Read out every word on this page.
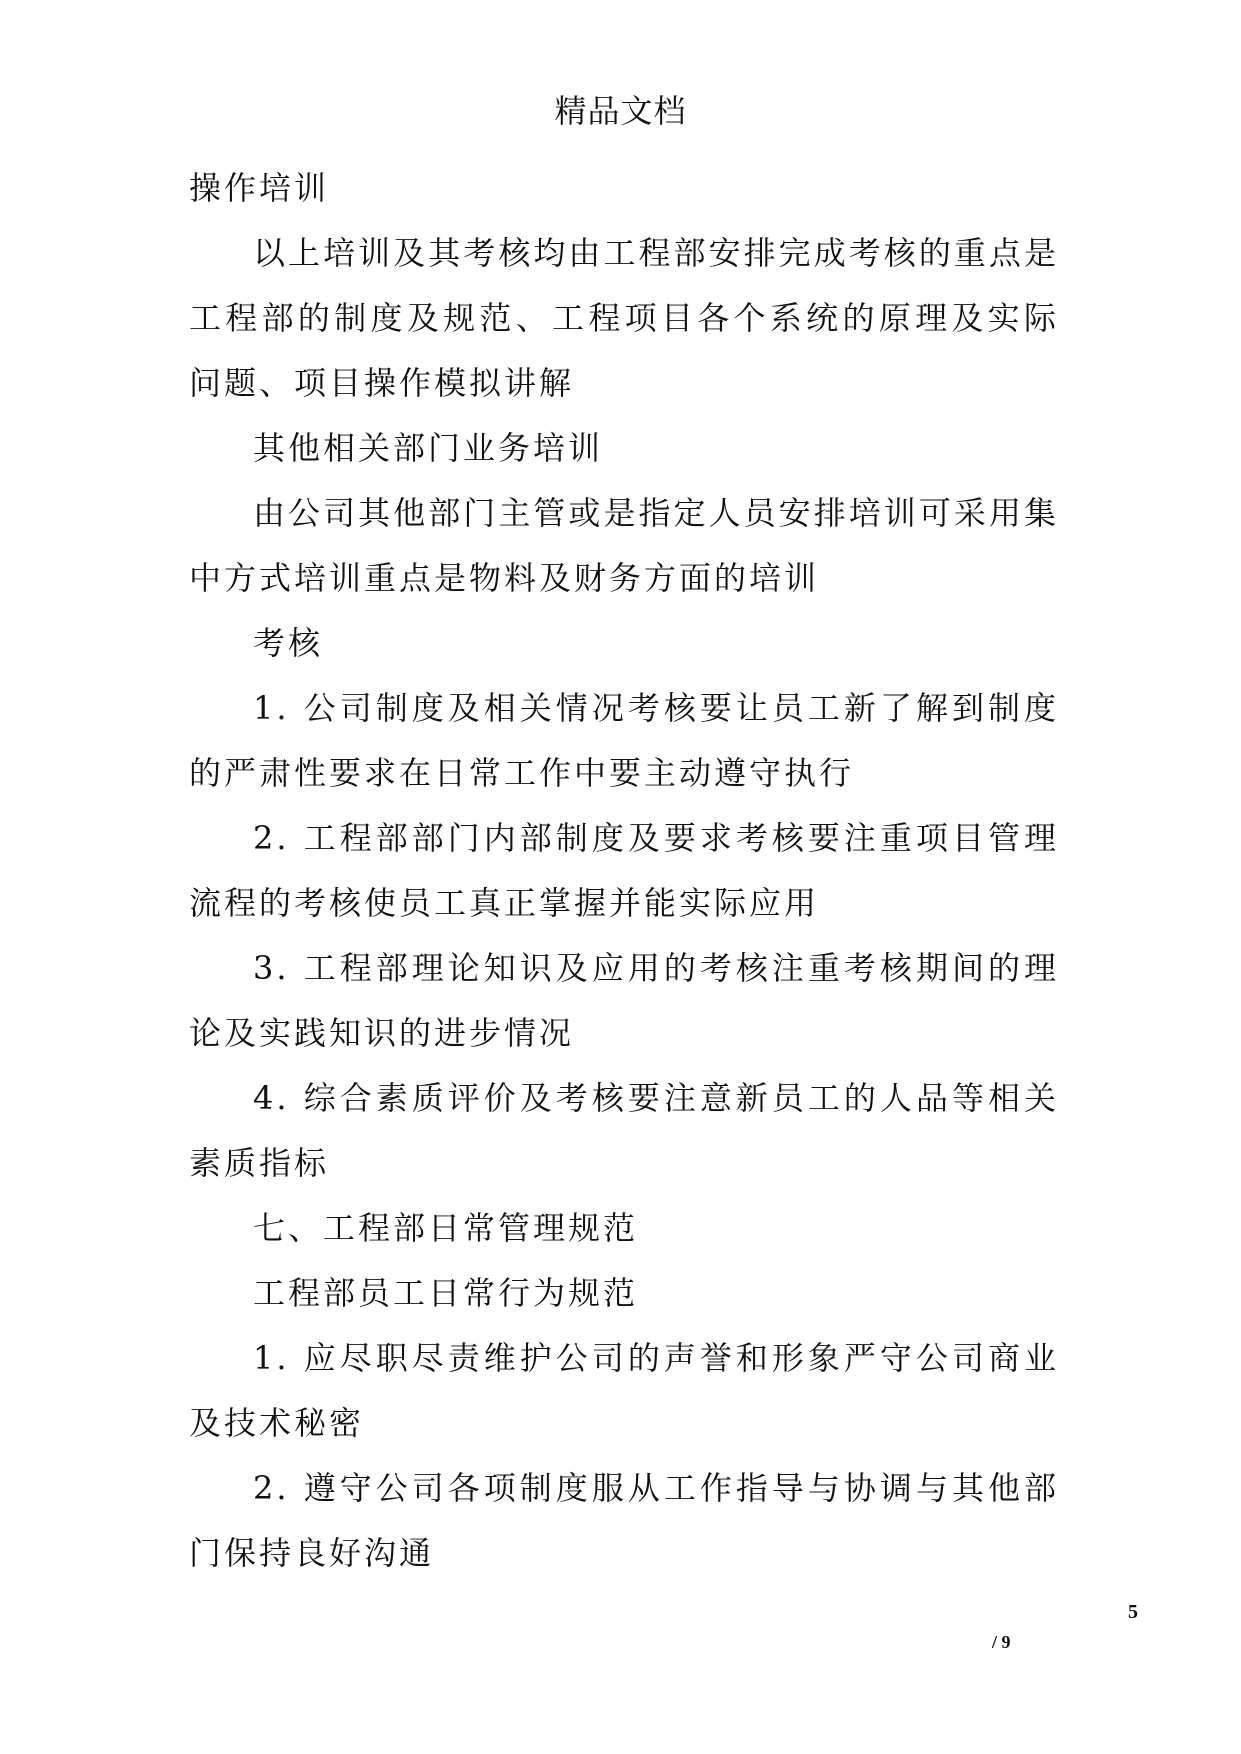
精品文档

操作培训

以上培训及其考核均由工程部安排完成考核的重点是工程部的制度及规范、工程项目各个系统的原理及实际问题、项目操作模拟讲解

其他相关部门业务培训

由公司其他部门主管或是指定人员安排培训可采用集中方式培训重点是物料及财务方面的培训

考核

1. 公司制度及相关情况考核要让员工新了解到制度的严肃性要求在日常工作中要主动遵守执行

2. 工程部部门内部制度及要求考核要注重项目管理流程的考核使员工真正掌握并能实际应用

3. 工程部理论知识及应用的考核注重考核期间的理论及实践知识的进步情况

4. 综合素质评价及考核要注意新员工的人品等相关素质指标

七、工程部日常管理规范

工程部员工日常行为规范

1. 应尽职尽责维护公司的声誉和形象严守公司商业及技术秘密

2. 遵守公司各项制度服从工作指导与协调与其他部门保持良好沟通

5
/ 9
